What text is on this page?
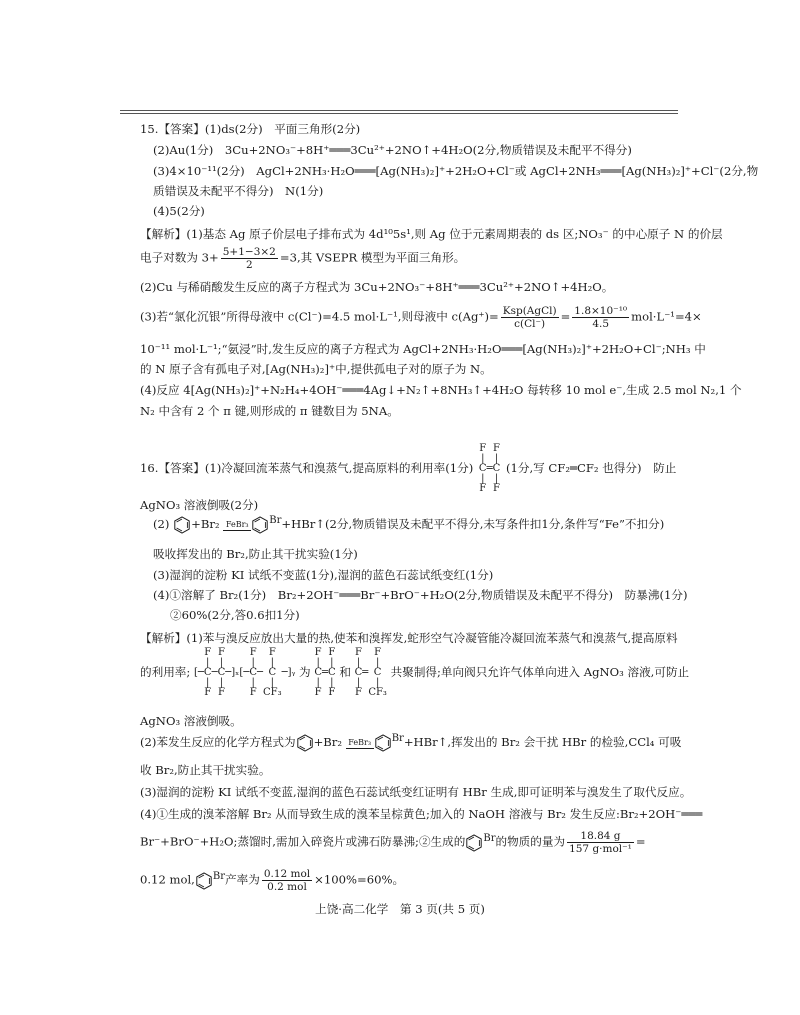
15.【答案】(1)ds(2分)　平面三角形(2分)
(2)Au(1分)　3Cu+2NO₃⁻+8H⁺═══3Cu²⁺+2NO↑+4H₂O(2分,物质错误及未配平不得分)
(3)4×10⁻¹¹(2分)　AgCl+2NH₃·H₂O═══[Ag(NH₃)₂]⁺+2H₂O+Cl⁻或 AgCl+2NH₃═══[Ag(NH₃)₂]⁺+Cl⁻(2分,物
质错误及未配平不得分)　N(1分)
(4)5(2分)
【解析】(1)基态 Ag 原子价层电子排布式为 4d¹⁰5s¹,则 Ag 位于元素周期表的 ds 区;NO₃⁻ 的中心原子 N 的价层
电子对数为 $3+ \frac{5+1-3\times 2}{2} =3$,其 VSEPR 模型为平面三角形。
(2)Cu 与稀硝酸发生反应的离子方程式为 3Cu+2NO₃⁻+8H⁺═══3Cu²⁺+2NO↑+4H₂O。
(3)若“氯化沉银”所得母液中 c(Cl⁻)=4.5 mol·L⁻¹,则母液中 $c(Ag^+)= \frac{\text{Ksp(AgCl)}}{c(Cl^-)} = \frac{\text{1.8×10⁻¹⁰}}{4.5} mol\cdot L^{-1}=4\times$
10⁻¹¹ mol·L⁻¹;“氨浸”时,发生反应的离子方程式为 AgCl+2NH₃·H₂O═══[Ag(NH₃)₂]⁺+2H₂O+Cl⁻;NH₃ 中
的 N 原子含有孤电子对,[Ag(NH₃)₂]⁺中,提供孤电子对的原子为 N。
(4)反应 4[Ag(NH₃)₂]⁺+N₂H₄+4OH⁻═══4Ag↓+N₂↑+8NH₃↑+4H₂O 每转移 10 mol e⁻,生成 2.5 mol N₂,1 个
N₂ 中含有 2 个 π 键,则形成的 π 键数目为 5NA。
16.【答案】(1)冷凝回流苯蒸气和溴蒸气,提高原料的利用率(1分) F		F
|		|
C	═	C
|		|
F		F (1分,写 CF₂═CF₂ 也得分)　防止
AgNO₃ 溶液倒吸(2分)
(2) +Br₂ FeBr₃ Br+HBr↑(2分,物质错误及未配平不得分,未写条件扣1分,条件写“Fe”不扣分)
吸收挥发出的 Br₂,防止其干扰实验(1分)
(3)湿润的淀粉 KI 试纸不变蓝(1分),湿润的蓝色石蕊试纸变红(1分)
(4)①溶解了 Br₂(1分)　Br₂+2OH⁻═══Br⁻+BrO⁻+H₂O(2分,物质错误及未配平不得分)　防暴沸(1分)
②60%(2分,答0.6扣1分)
【解析】(1)苯与溴反应放出大量的热,使苯和溴挥发,蛇形空气冷凝管能冷凝回流苯蒸气和溴蒸气,提高原料
的利用率;	F		F			F		F	
	|		|			|		|	
[─	C	─	C	─]ₓ	[─	C	─	C	─]ᵧ
	|		|			|		|	
	F		F			F		CF₃	为 F		F
|		|
C	═	C
|		|
F		F 和 F		F
|		|
C	═	C
|		|
F		CF₃ 共聚制得;单向阀只允许气体单向进入 AgNO₃ 溶液,可防止
AgNO₃ 溶液倒吸。
(2)苯发生反应的化学方程式为 +Br₂ FeBr₃ Br+HBr↑,挥发出的 Br₂ 会干扰 HBr 的检验,CCl₄ 可吸
收 Br₂,防止其干扰实验。
(3)湿润的淀粉 KI 试纸不变蓝,湿润的蓝色石蕊试纸变红证明有 HBr 生成,即可证明苯与溴发生了取代反应。
(4)①生成的溴苯溶解 Br₂ 从而导致生成的溴苯呈棕黄色;加入的 NaOH 溶液与 Br₂ 发生反应:Br₂+2OH⁻═══
Br⁻+BrO⁻+H₂O;蒸馏时,需加入碎瓷片或沸石防暴沸;②生成的 Br的物质的量为 $\frac{18.84 g}{\text{157 g·mol⁻¹}}$ =
0.12 mol, Br产率为 $\frac{\text{0.12 mol}}{\text{0.2 mol}} \times 100\%=60\%$。
上饶·高二化学　第 3 页(共 5 页)
